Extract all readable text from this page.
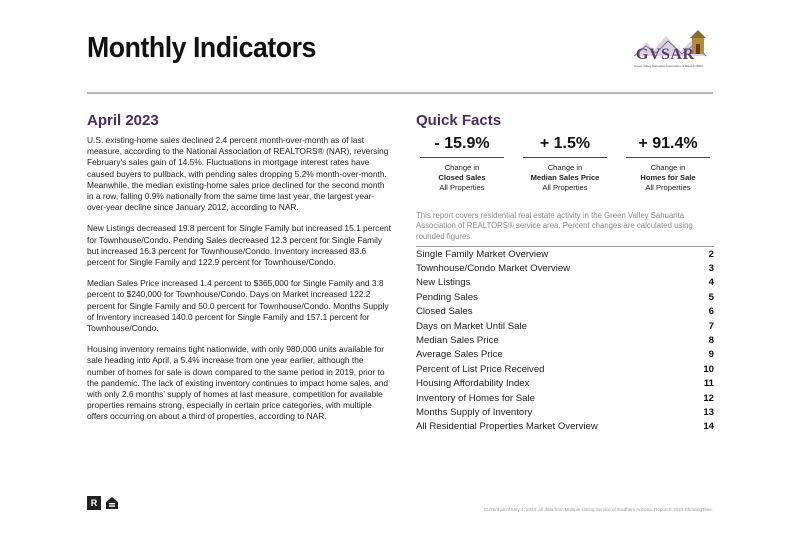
Monthly Indicators	GVSAR
Green Valley Sahuarita Association of REALTORS®
April 2023

U.S. existing-home sales declined 2.4 percent month-over-month as of last measure, according to the National Association of REALTORS® (NAR), reversing February's sales gain of 14.5%. Fluctuations in mortgage interest rates have caused buyers to pullback, with pending sales dropping 5.2% month-over-month. Meanwhile, the median existing-home sales price declined for the second month in a row, falling 0.9% nationally from the same time last year, the largest year-over-year decline since January 2012, according to NAR.

New Listings decreased 19.8 percent for Single Family but increased 15.1 percent for Townhouse/Condo. Pending Sales decreased 12.3 percent for Single Family but increased 16.3 percent for Townhouse/Condo. Inventory increased 83.6 percent for Single Family and 122.9 percent for Townhouse/Condo.

Median Sales Price increased 1.4 percent to $365,000 for Single Family and 3.8 percent to $240,000 for Townhouse/Condo. Days on Market increased 122.2 percent for Single Family and 50.0 percent for Townhouse/Condo. Months Supply of Inventory increased 140.0 percent for Single Family and 157.1 percent for Townhouse/Condo.

Housing inventory remains tight nationwide, with only 980,000 units available for sale heading into April, a 5.4% increase from one year earlier, although the number of homes for sale is down compared to the same period in 2019, prior to the pandemic. The lack of existing inventory continues to impact home sales, and with only 2.6 months' supply of homes at last measure, competition for available properties remains strong, especially in certain price categories, with multiple offers occurring on about a third of properties, according to NAR.

Quick Facts
- 15.9%
Change in
Closed Sales
All Properties
+ 1.5%
Change in
Median Sales Price
All Properties
+ 91.4%
Change in
Homes for Sale
All Properties
This report covers residential real estate activity in the Green Valley Sahuarita Association of REALTORS® service area. Percent changes are calculated using rounded figures.
Single Family Market Overview	2
Townhouse/Condo Market Overview	3
New Listings	4
Pending Sales	5
Closed Sales	6
Days on Market Until Sale	7
Median Sales Price	8
Average Sales Price	9
Percent of List Price Received	10
Housing Affordability Index	11
Inventory of Homes for Sale	12
Months Supply of Inventory	13
All Residential Properties Market Overview	14
R
Current as of May 4, 2023. All data from Multiple Listing Service of Southern Arizona. Report © 2023 ShowingTime.
